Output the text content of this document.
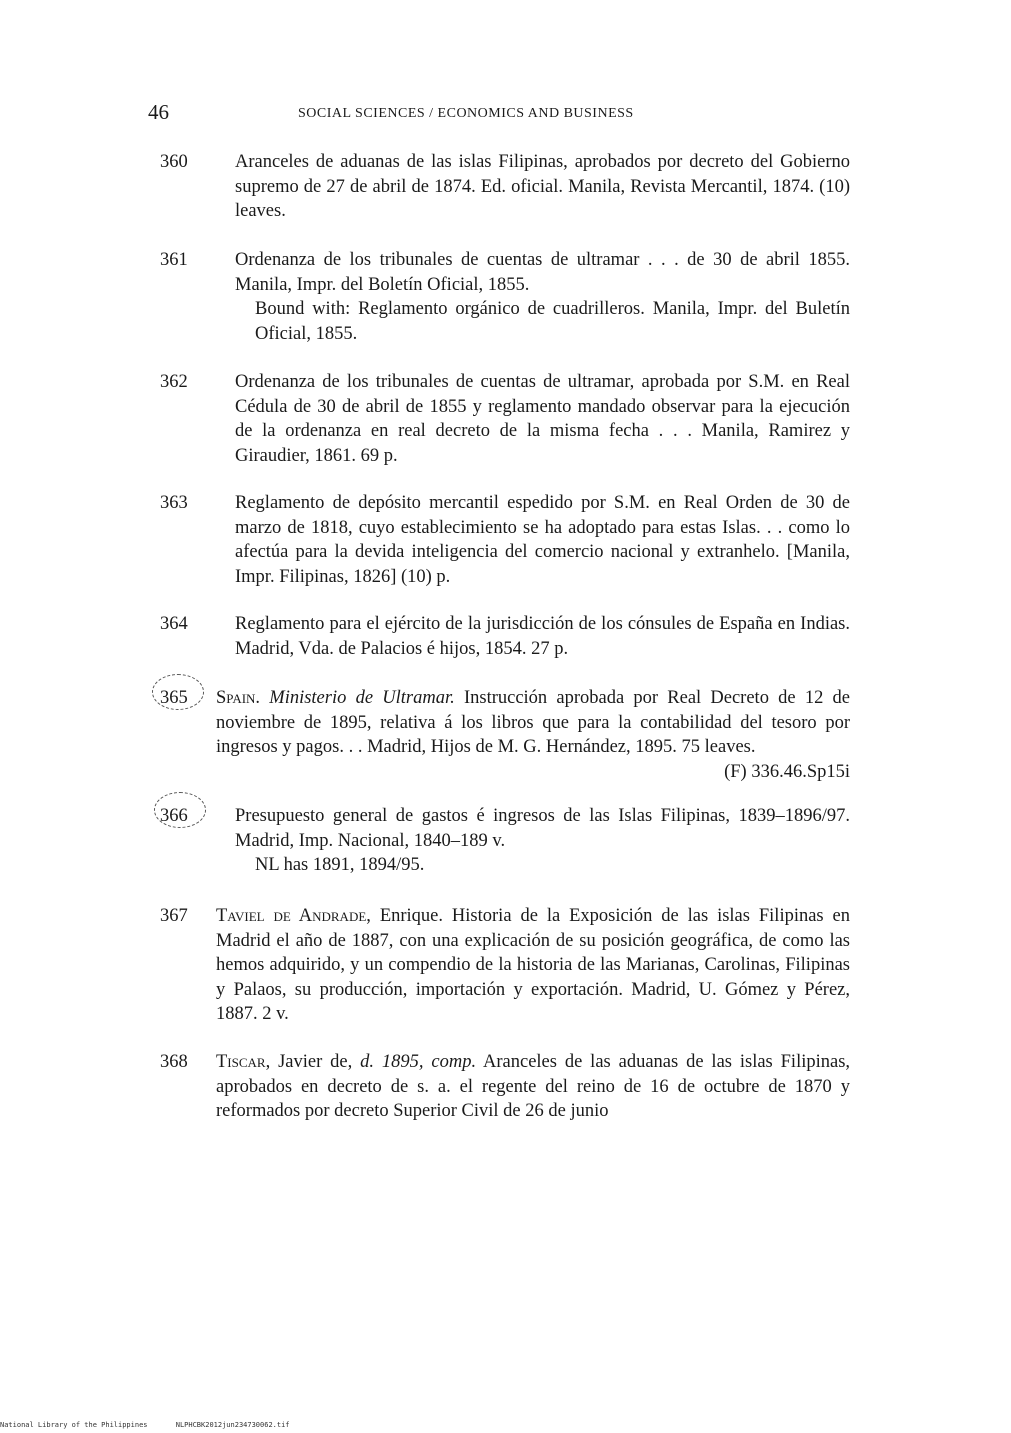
46	SOCIAL SCIENCES / ECONOMICS AND BUSINESS
360	Aranceles de aduanas de las islas Filipinas, aprobados por decreto del Gobierno supremo de 27 de abril de 1874. Ed. oficial. Manila, Revista Mercantil, 1874. (10) leaves.
361	Ordenanza de los tribunales de cuentas de ultramar . . . de 30 de abril 1855. Manila, Impr. del Boletín Oficial, 1855.
Bound with: Reglamento orgánico de cuadrilleros. Manila, Impr. del Buletín Oficial, 1855.
362	Ordenanza de los tribunales de cuentas de ultramar, aprobada por S.M. en Real Cédula de 30 de abril de 1855 y reglamento mandado observar para la ejecución de la ordenanza en real decreto de la misma fecha . . . Manila, Ramirez y Giraudier, 1861. 69 p.
363	Reglamento de depósito mercantil espedido por S.M. en Real Orden de 30 de marzo de 1818, cuyo establecimiento se ha adoptado para estas Islas. . . como lo afectúa para la devida inteligencia del comercio nacional y extranhelo. [Manila, Impr. Filipinas, 1826] (10) p.
364	Reglamento para el ejército de la jurisdicción de los cónsules de España en Indias. Madrid, Vda. de Palacios é hijos, 1854. 27 p.
365	Spain. Ministerio de Ultramar. Instrucción aprobada por Real Decreto de 12 de noviembre de 1895, relativa á los libros que para la contabilidad del tesoro por ingresos y pagos. . . Madrid, Hijos de M. G. Hernández, 1895. 75 leaves.
(F) 336.46.Sp15i
366	Presupuesto general de gastos é ingresos de las Islas Filipinas, 1839–1896/97. Madrid, Imp. Nacional, 1840–189 v.
NL has 1891, 1894/95.
367	Taviel de Andrade, Enrique. Historia de la Exposición de las islas Filipinas en Madrid el año de 1887, con una explicación de su posición geográfica, de como las hemos adquirido, y un compendio de la historia de las Marianas, Carolinas, Filipinas y Palaos, su producción, importación y exportación. Madrid, U. Gómez y Pérez, 1887. 2 v.
368	Tiscar, Javier de, d. 1895, comp. Aranceles de las aduanas de las islas Filipinas, aprobados en decreto de s. a. el regente del reino de 16 de octubre de 1870 y reformados por decreto Superior Civil de 26 de junio
National Library of the Philippines	NLPHCBK2012jun234730062.tif
